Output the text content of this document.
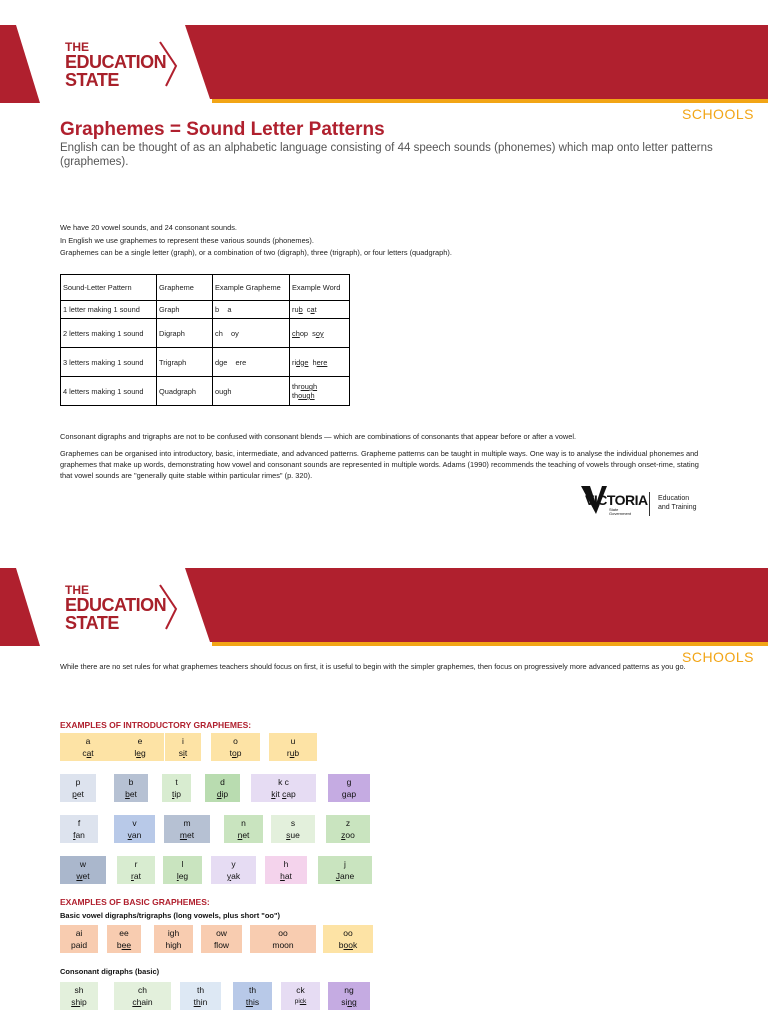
THE
EDUCATION
STATE
SCHOOLS
Graphemes = Sound Letter Patterns
English can be thought of as an alphabetic language consisting of 44 speech sounds (phonemes) which map onto letter patterns (graphemes).

We have 20 vowel sounds, and 24 consonant sounds.

In English we use graphemes to represent these various sounds (phonemes).

Graphemes can be a single letter (graph), or a combination of two (digraph), three (trigraph), or four letters (quadgraph).

Sound-Letter Pattern	Grapheme	Example Grapheme	Example Word
1 letter making 1 sound	Graph	b    a	rub  cat
2 letters making 1 sound	Digraph	ch    oy	chop  soy
3 letters making 1 sound	Trigraph	dge    ere	ridge  here
4 letters making 1 sound	Quadgraph	ough	through
though

Consonant digraphs and trigraphs are not to be confused with consonant blends — which are combinations of consonants that appear before or after a vowel.

Graphemes can be organised into introductory, basic, intermediate, and advanced patterns. Grapheme patterns can be taught in multiple ways. One way is to analyse the individual phonemes and graphemes that make up words, demonstrating how vowel and consonant sounds are represented in multiple words. Adams (1990) recommends the teaching of vowels through onset-rime, stating that vowel sounds are "generally quite stable within particular rimes" (p. 320).

VICTORIA
State
Government
Education
and Training
THE
EDUCATION
STATE
SCHOOLS
While there are no set rules for what graphemes teachers should focus on first, it is useful to begin with the simpler graphemes, then focus on progressively more advanced patterns as you go.
EXAMPLES OF INTRODUCTORY GRAPHEMES:
a
cat
e
leg
i
sit
o
top
u
rub
p
pet
b
bet
t
tip
d
dip
k c
kit cap
g
gap
f
fan
v
van
m
met
n
net
s
sue
z
zoo
w
wet
r
rat
l
leg
y
yak
h
hat
j
Jane
EXAMPLES OF BASIC GRAPHEMES:
Basic vowel digraphs/trigraphs (long vowels, plus short "oo")
ai
paid
ee
bee
igh
high
ow
flow
oo
moon
oo
book
Consonant digraphs (basic)
sh
ship
ch
chain
th
thin
th
this
ck
pick
ng
sing
